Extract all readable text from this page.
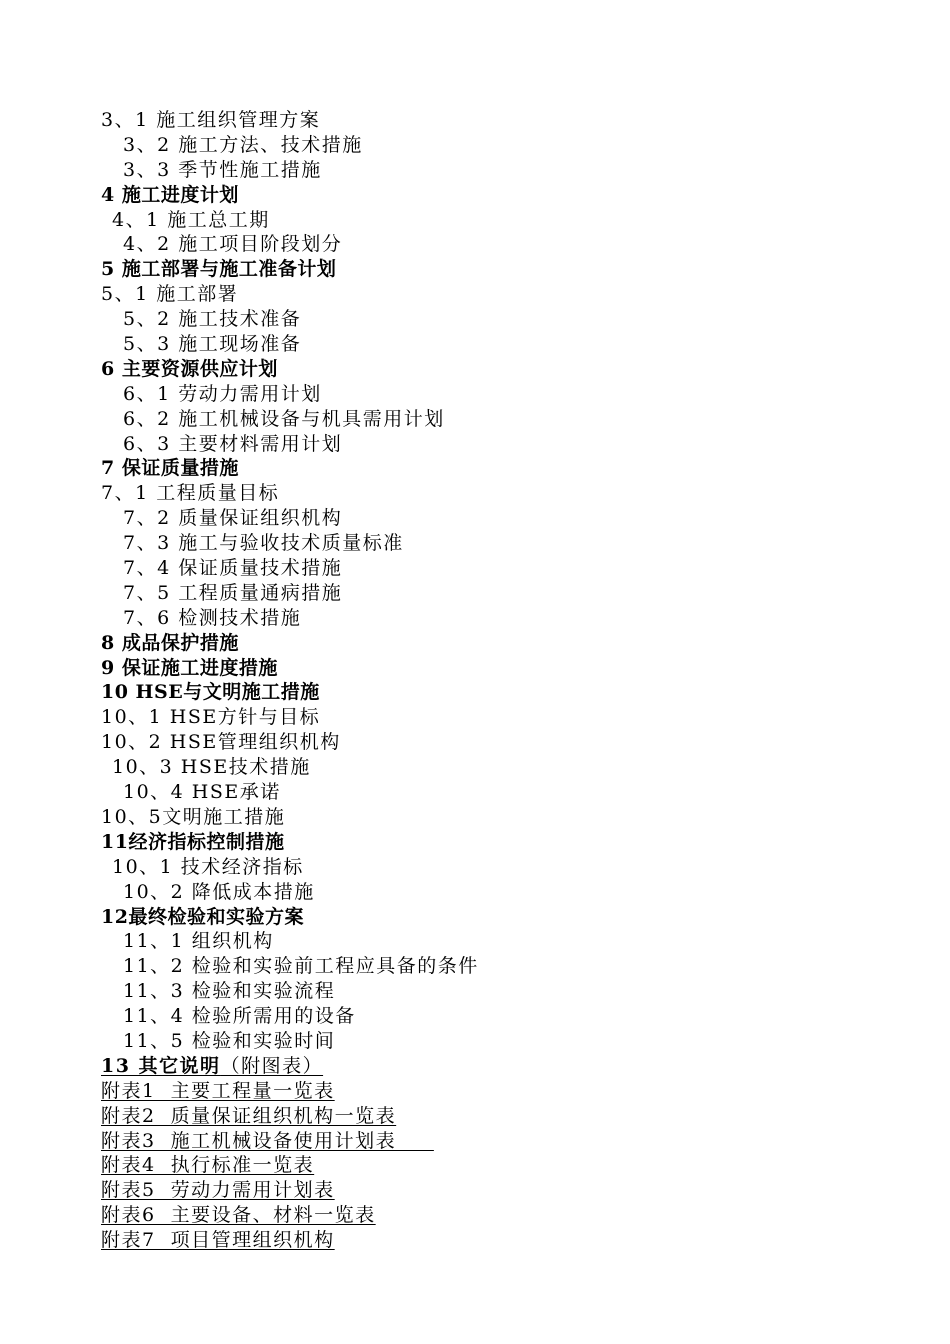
3、1 施工组织管理方案
3、2 施工方法、技术措施
3、3 季节性施工措施
4 施工进度计划
4、1 施工总工期
4、2 施工项目阶段划分
5 施工部署与施工准备计划
5、1 施工部署
5、2 施工技术准备
5、3 施工现场准备
6 主要资源供应计划
6、1 劳动力需用计划
6、2 施工机械设备与机具需用计划
6、3 主要材料需用计划
7 保证质量措施
7、1 工程质量目标
7、2 质量保证组织机构
7、3 施工与验收技术质量标准
7、4 保证质量技术措施
7、5 工程质量通病措施
7、6 检测技术措施
8 成品保护措施
9 保证施工进度措施
10 HSE与文明施工措施
10、1 HSE方针与目标
10、2 HSE管理组织机构
10、3 HSE技术措施
10、4 HSE承诺
10、5文明施工措施
11经济指标控制措施
10、1 技术经济指标
10、2 降低成本措施
12最终检验和实验方案
11、1 组织机构
11、2 检验和实验前工程应具备的条件
11、3 检验和实验流程
11、4 检验所需用的设备
11、5 检验和实验时间
13 其它说明（附图表）
附表1  主要工程量一览表
附表2  质量保证组织机构一览表
附表3  施工机械设备使用计划表
附表4  执行标准一览表
附表5  劳动力需用计划表
附表6  主要设备、材料一览表
附表7  项目管理组织机构
